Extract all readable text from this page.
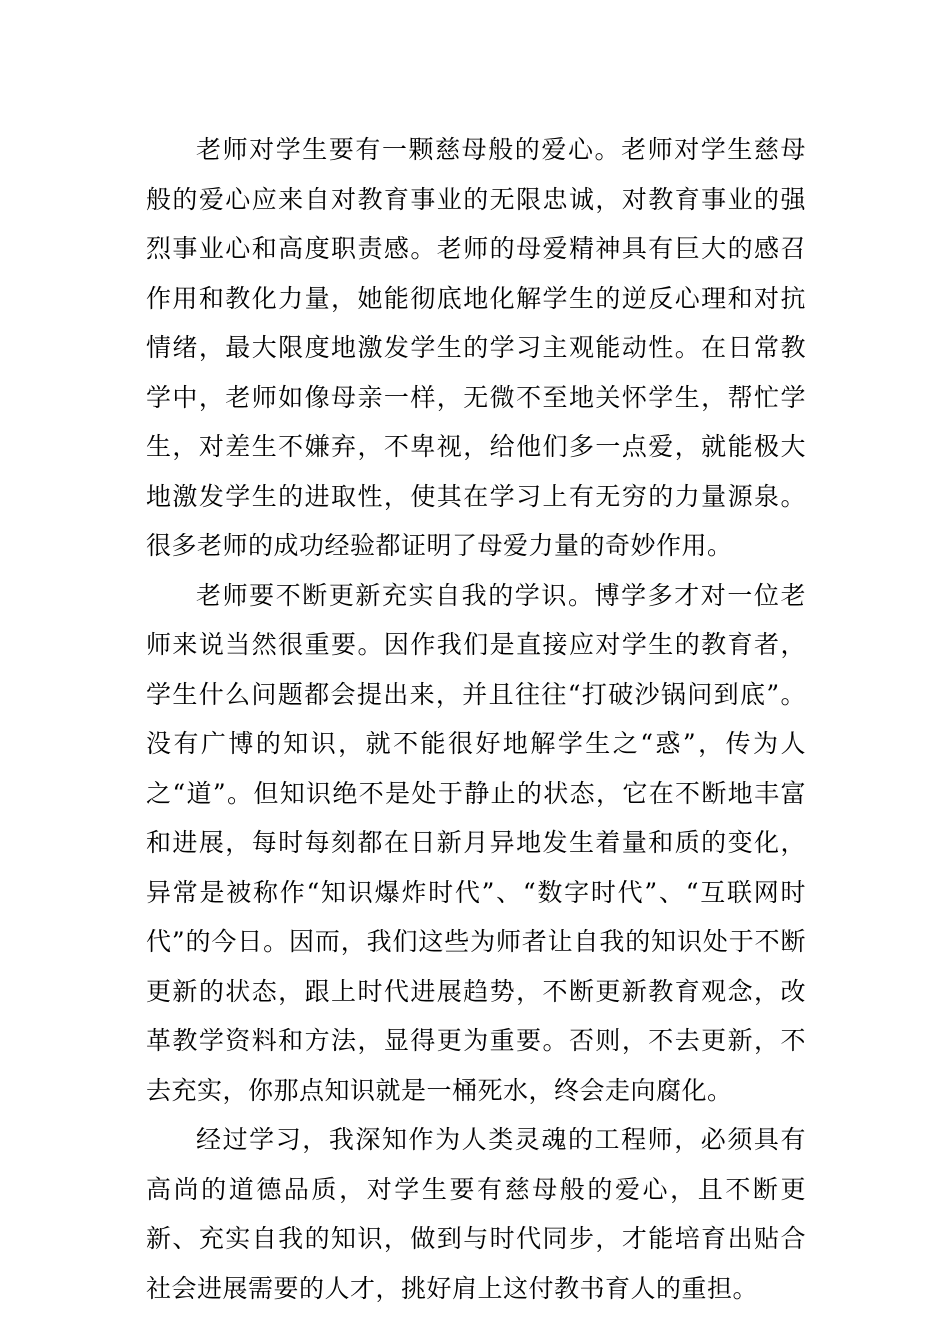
老师对学生要有一颗慈母般的爱心。老师对学生慈母般的爱心应来自对教育事业的无限忠诚，对教育事业的强烈事业心和高度职责感。老师的母爱精神具有巨大的感召作用和教化力量，她能彻底地化解学生的逆反心理和对抗情绪，最大限度地激发学生的学习主观能动性。在日常教学中，老师如像母亲一样，无微不至地关怀学生，帮忙学生，对差生不嫌弃，不卑视，给他们多一点爱，就能极大地激发学生的进取性，使其在学习上有无穷的力量源泉。很多老师的成功经验都证明了母爱力量的奇妙作用。

老师要不断更新充实自我的学识。博学多才对一位老师来说当然很重要。因作我们是直接应对学生的教育者，学生什么问题都会提出来，并且往往“打破沙锅问到底”。没有广博的知识，就不能很好地解学生之“惑”，传为人之“道”。但知识绝不是处于静止的状态，它在不断地丰富和进展，每时每刻都在日新月异地发生着量和质的变化，异常是被称作“知识爆炸时代”、“数字时代”、“互联网时代”的今日。因而，我们这些为师者让自我的知识处于不断更新的状态，跟上时代进展趋势，不断更新教育观念，改革教学资料和方法，显得更为重要。否则，不去更新，不去充实，你那点知识就是一桶死水，终会走向腐化。

经过学习，我深知作为人类灵魂的工程师，必须具有高尚的道德品质，对学生要有慈母般的爱心，且不断更新、充实自我的知识，做到与时代同步，才能培育出贴合社会进展需要的人才，挑好肩上这付教书育人的重担。
